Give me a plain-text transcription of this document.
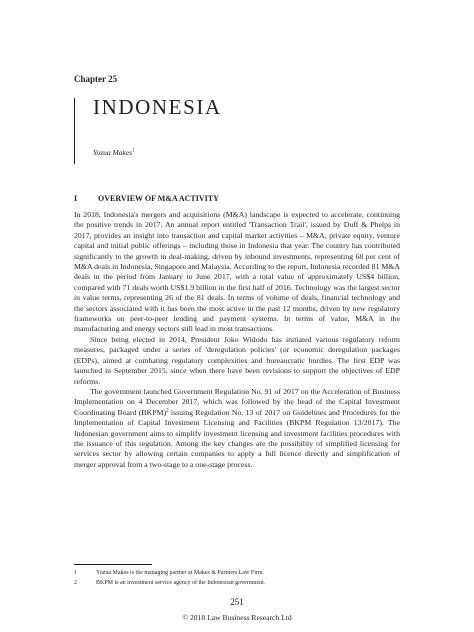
Chapter 25
INDONESIA
Yozua Makes$^1$
I	OVERVIEW OF M&A ACTIVITY

In 2018, Indonesia's mergers and acquisitions (M&A) landscape is expected to accelerate, continuing the positive trends in 2017. An annual report entitled 'Transaction Trail', issued by Duff & Phelps in 2017, provides an insight into transaction and capital market activities – M&A, private equity, venture capital and initial public offerings – including those in Indonesia that year. The country has contributed significantly to the growth in deal-making, driven by inbound investments, representing 68 per cent of M&A deals in Indonesia, Singapore and Malaysia. According to the report, Indonesia recorded 81 M&A deals in the period from January to June 2017, with a total value of approximately US$4 billion, compared with 71 deals worth US$1.9 billion in the first half of 2016. Technology was the largest sector in value terms, representing 26 of the 81 deals. In terms of volume of deals, financial technology and the sectors associated with it has been the most active in the past 12 months, driven by new regulatory frameworks on peer-to-peer lending and payment systems. In terms of value, M&A in the manufacturing and energy sectors still lead in most transactions.

Since being elected in 2014, President Joko Widodo has initiated various regulatory reform measures, packaged under a series of 'deregulation policies' (or economic deregulation packages (EDPs), aimed at combating regulatory complexities and bureaucratic hurdles. The first EDP was launched in September 2015, since when there have been revisions to support the objectives of EDP reforms.

The government launched Government Regulation No. 91 of 2017 on the Acceleration of Business Implementation on 4 December 2017, which was followed by the head of the Capital Investment Coordinating Board (BKPM)$^2$ issuing Regulation No. 13 of 2017 on Guidelines and Procedures for the Implementation of Capital Investment Licensing and Facilities (BKPM Regulation 13/2017). The Indonesian government aims to simplify investment licensing and investment facilities procedures with the issuance of this regulation. Among the key changes are the possibility of simplified licensing for services sector by allowing certain companies to apply a full licence directly and simplification of merger approval from a two-stage to a one-stage process.

1	Yozua Makes is the managing partner at Makes & Partners Law Firm.
2	BKPM is an investment service agency of the Indonesian government.
251
© 2018 Law Business Research Ltd
